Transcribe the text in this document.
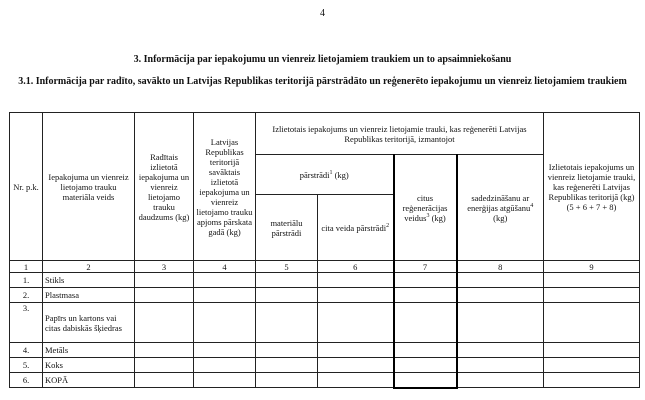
4
3. Informācija par iepakojumu un vienreiz lietojamiem traukiem un to apsaimniekošanu
3.1. Informācija par radīto, savākto un Latvijas Republikas teritorijā pārstrādāto un reģenerēto iepakojumu un vienreiz lietojamiem traukiem
Nr. p.k.	Iepakojuma un vienreiz lietojamo trauku materiāla veids	Radītais izlietotā iepakojuma un vienreiz lietojamo trauku daudzums (kg)	Latvijas Republikas teritorijā savāktais izlietotā iepakojuma un vienreiz lietojamo trauku apjoms pārskata gadā (kg)	Izlietotais iepakojums un vienreiz lietojamie trauki, kas reģenerēti Latvijas Republikas teritorijā, izmantojot				Izlietotais iepakojums un vienreiz lietojamie trauki, kas reģenerēti Latvijas Republikas teritorijā (kg) (5 + 6 + 7 + 8)
				pārstrādi$^1$ (kg)		citus reģenerācijas veidus$^3$ (kg)	sadedzināšanu ar enerģijas atgūšanu$^4$ (kg)	
				materiālu pārstrādi	cita veida pārstrādi$^2$
1	2	3	4	5	6	7	8	9
1.	Stikls							
2.	Plastmasa							
3.	Papīrs un kartons vai citas dabiskās šķiedras							
4.	Metāls							
5.	Koks							
6.	KOPĀ							
